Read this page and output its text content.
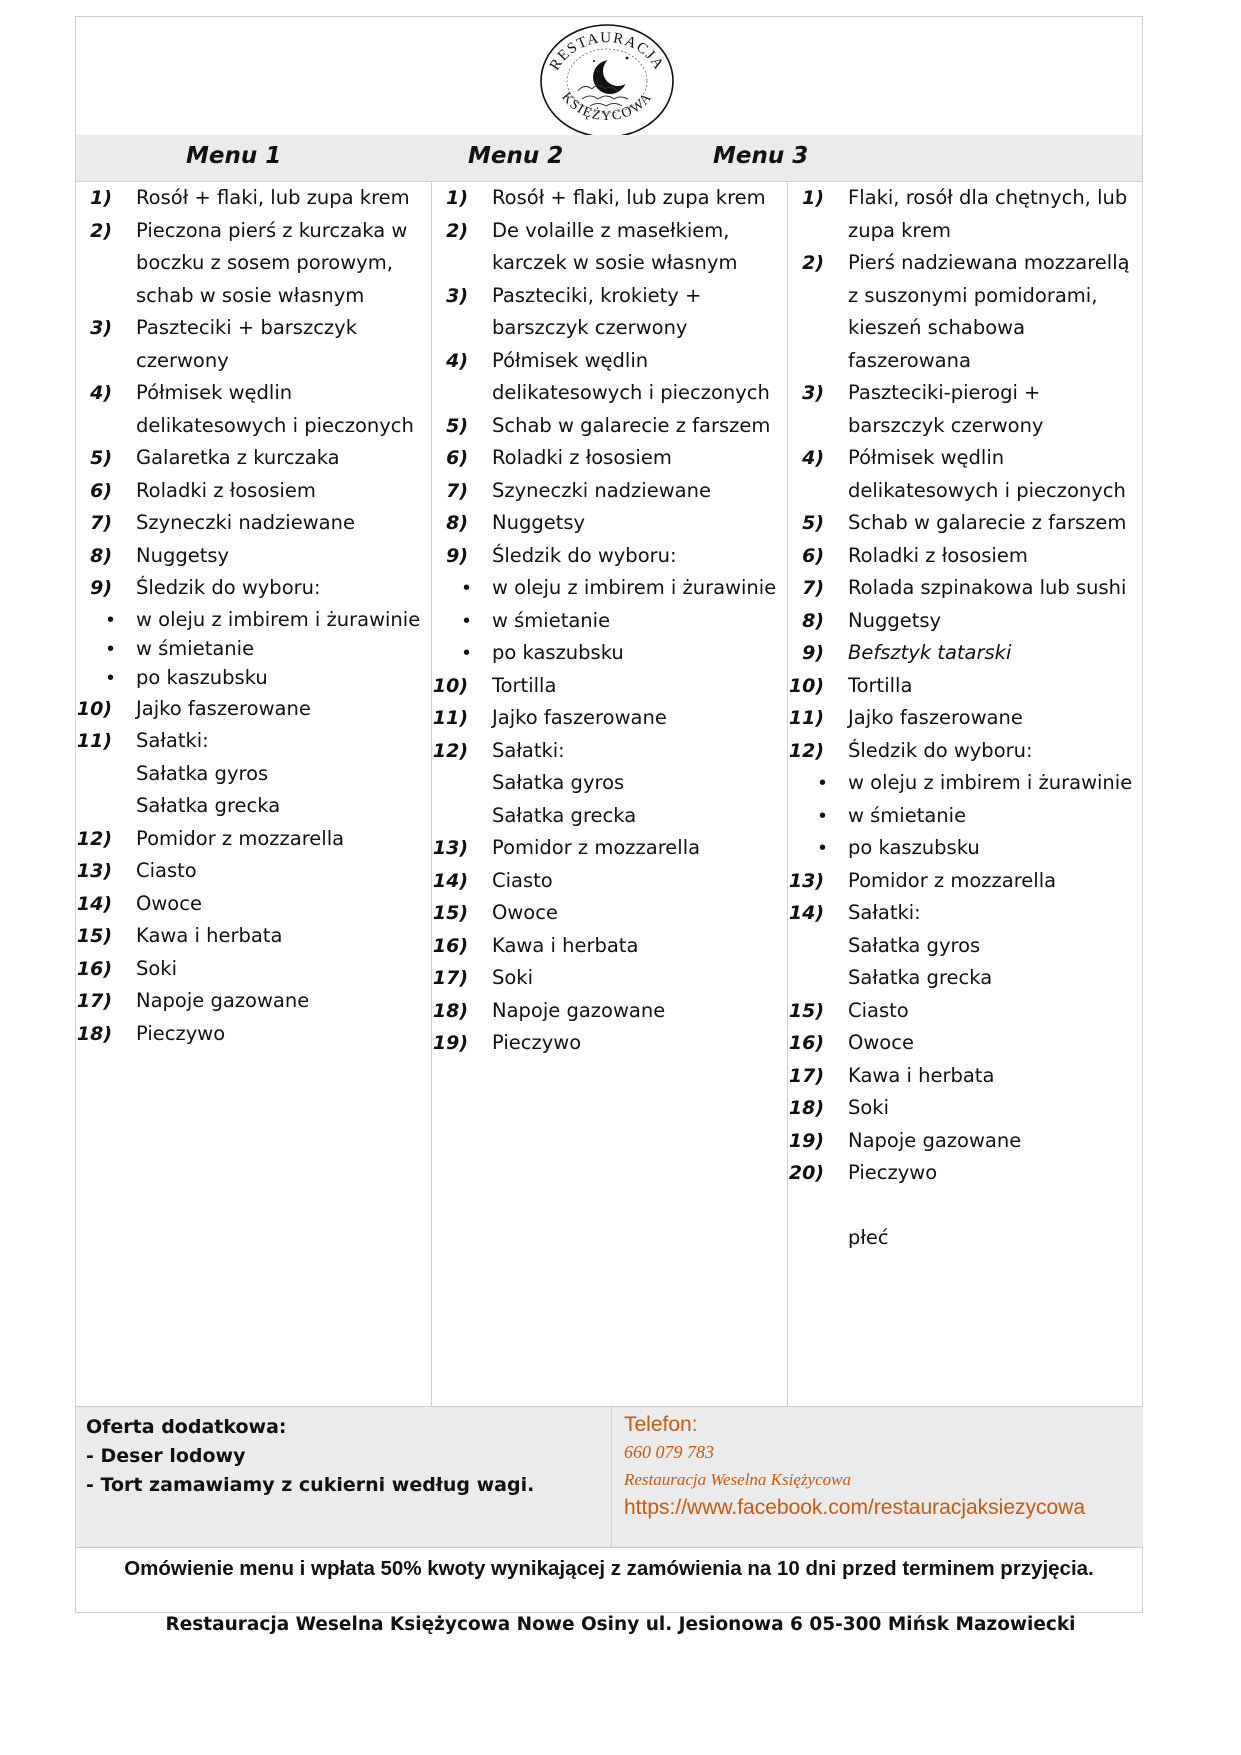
RESTAURACJA
KSIĘŻYCOWA
Menu 1	Menu 2	Menu 3
1)	Rosół + flaki, lub zupa krem
2)	Pieczona pierś z kurczaka w boczku z sosem porowym, schab w sosie własnym
3)	Paszteciki + barszczyk czerwony
4)	Półmisek wędlin delikatesowych i pieczonych
5)	Galaretka z kurczaka
6)	Roladki z łososiem
7)	Szyneczki nadziewane
8)	Nuggetsy
9)	Śledzik do wyboru:
•	w oleju z imbirem i żurawinie
•	w śmietanie
•	po kaszubsku
10)	Jajko faszerowane
11)	Sałatki:
Sałatka gyros
Sałatka grecka
12)	Pomidor z mozzarella
13)	Ciasto
14)	Owoce
15)	Kawa i herbata
16)	Soki
17)	Napoje gazowane
18)	Pieczywo
1)	Rosół + flaki, lub zupa krem
2)	De volaille z masełkiem, karczek w sosie własnym
3)	Paszteciki, krokiety + barszczyk czerwony
4)	Półmisek wędlin delikatesowych i pieczonych
5)	Schab w galarecie z farszem
6)	Roladki z łososiem
7)	Szyneczki nadziewane
8)	Nuggetsy
9)	Śledzik do wyboru:
•	w oleju z imbirem i żurawinie
•	w śmietanie
•	po kaszubsku
10)	Tortilla
11)	Jajko faszerowane
12)	Sałatki:
Sałatka gyros
Sałatka grecka
13)	Pomidor z mozzarella
14)	Ciasto
15)	Owoce
16)	Kawa i herbata
17)	Soki
18)	Napoje gazowane
19)	Pieczywo
1)	Flaki, rosół dla chętnych, lub zupa krem
2)	Pierś nadziewana mozzarellą z suszonymi pomidorami, kieszeń schabowa faszerowana
3)	Paszteciki-pierogi + barszczyk czerwony
4)	Półmisek wędlin delikatesowych i pieczonych
5)	Schab w galarecie z farszem
6)	Roladki z łososiem
7)	Rolada szpinakowa lub sushi
8)	Nuggetsy
9)	Befsztyk tatarski
10)	Tortilla
11)	Jajko faszerowane
12)	Śledzik do wyboru:
•	w oleju z imbirem i żurawinie
•	w śmietanie
•	po kaszubsku
13)	Pomidor z mozzarella
14)	Sałatki:
Sałatka gyros
Sałatka grecka
15)	Ciasto
16)	Owoce
17)	Kawa i herbata
18)	Soki
19)	Napoje gazowane
20)	Pieczywo
płeć
Oferta dodatkowa:
- Deser lodowy
- Tort zamawiamy z cukierni według wagi.
Telefon:
660 079 783
Restauracja Weselna Księżycowa
https://www.facebook.com/restauracjaksiezycowa
Omówienie menu i wpłata 50% kwoty wynikającej z zamówienia na 10 dni przed terminem przyjęcia.
Restauracja Weselna Księżycowa Nowe Osiny ul. Jesionowa 6 05-300 Mińsk Mazowiecki
